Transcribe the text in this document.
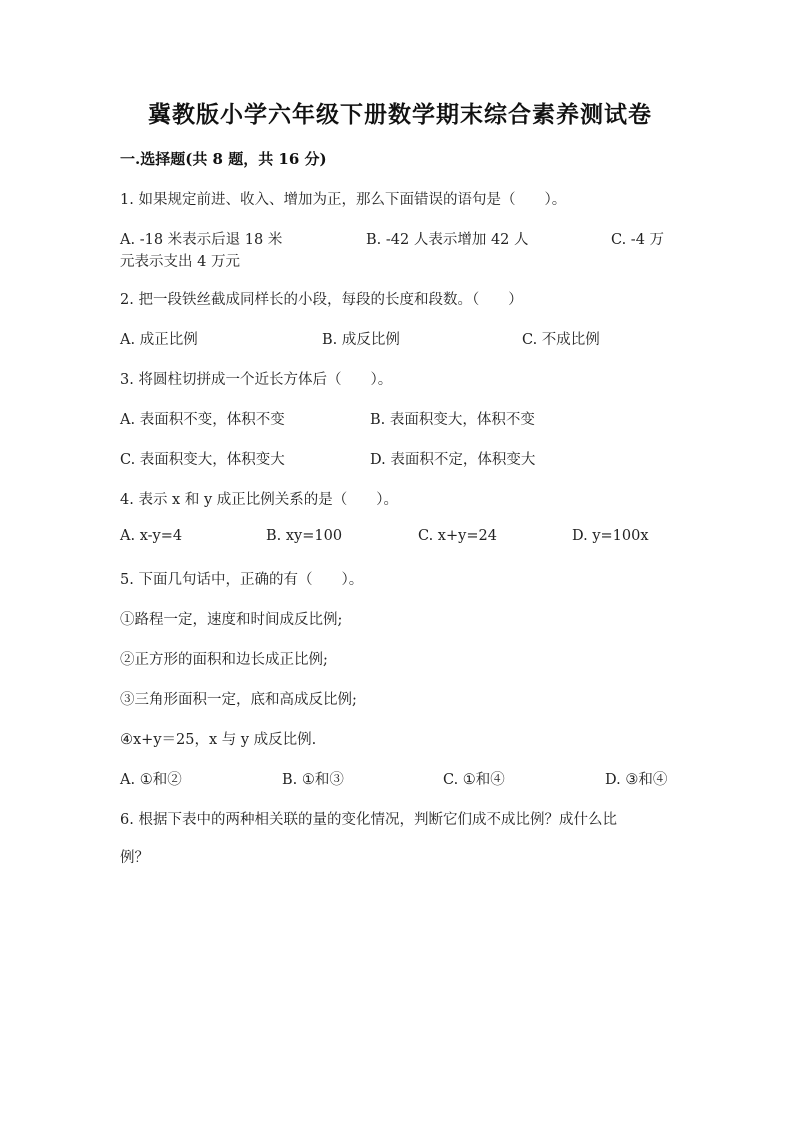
冀教版小学六年级下册数学期末综合素养测试卷
一.选择题(共 8 题，共 16 分)
1. 如果规定前进、收入、增加为正，那么下面错误的语句是（　　）。
A. -18 米表示后退 18 米	B. -42 人表示增加 42 人	C. -4 万
元表示支出 4 万元
2. 把一段铁丝截成同样长的小段，每段的长度和段数。（　　）
A. 成正比例	B. 成反比例	C. 不成比例
3. 将圆柱切拼成一个近长方体后（　　）。
A. 表面积不变，体积不变	B. 表面积变大，体积不变
C. 表面积变大，体积变大	D. 表面积不定，体积变大
4. 表示 x 和 y 成正比例关系的是（　　）。
A. x-y=4	B. xy=100	C. x+y=24	D. y=100x
5. 下面几句话中，正确的有（　　）。
①路程一定，速度和时间成反比例;
②正方形的面积和边长成正比例;
③三角形面积一定，底和高成反比例;
④x+y＝25，x 与 y 成反比例.
A. ①和②	B. ①和③	C. ①和④	D. ③和④
6. 根据下表中的两种相关联的量的变化情况，判断它们成不成比例？成什么比
例？
